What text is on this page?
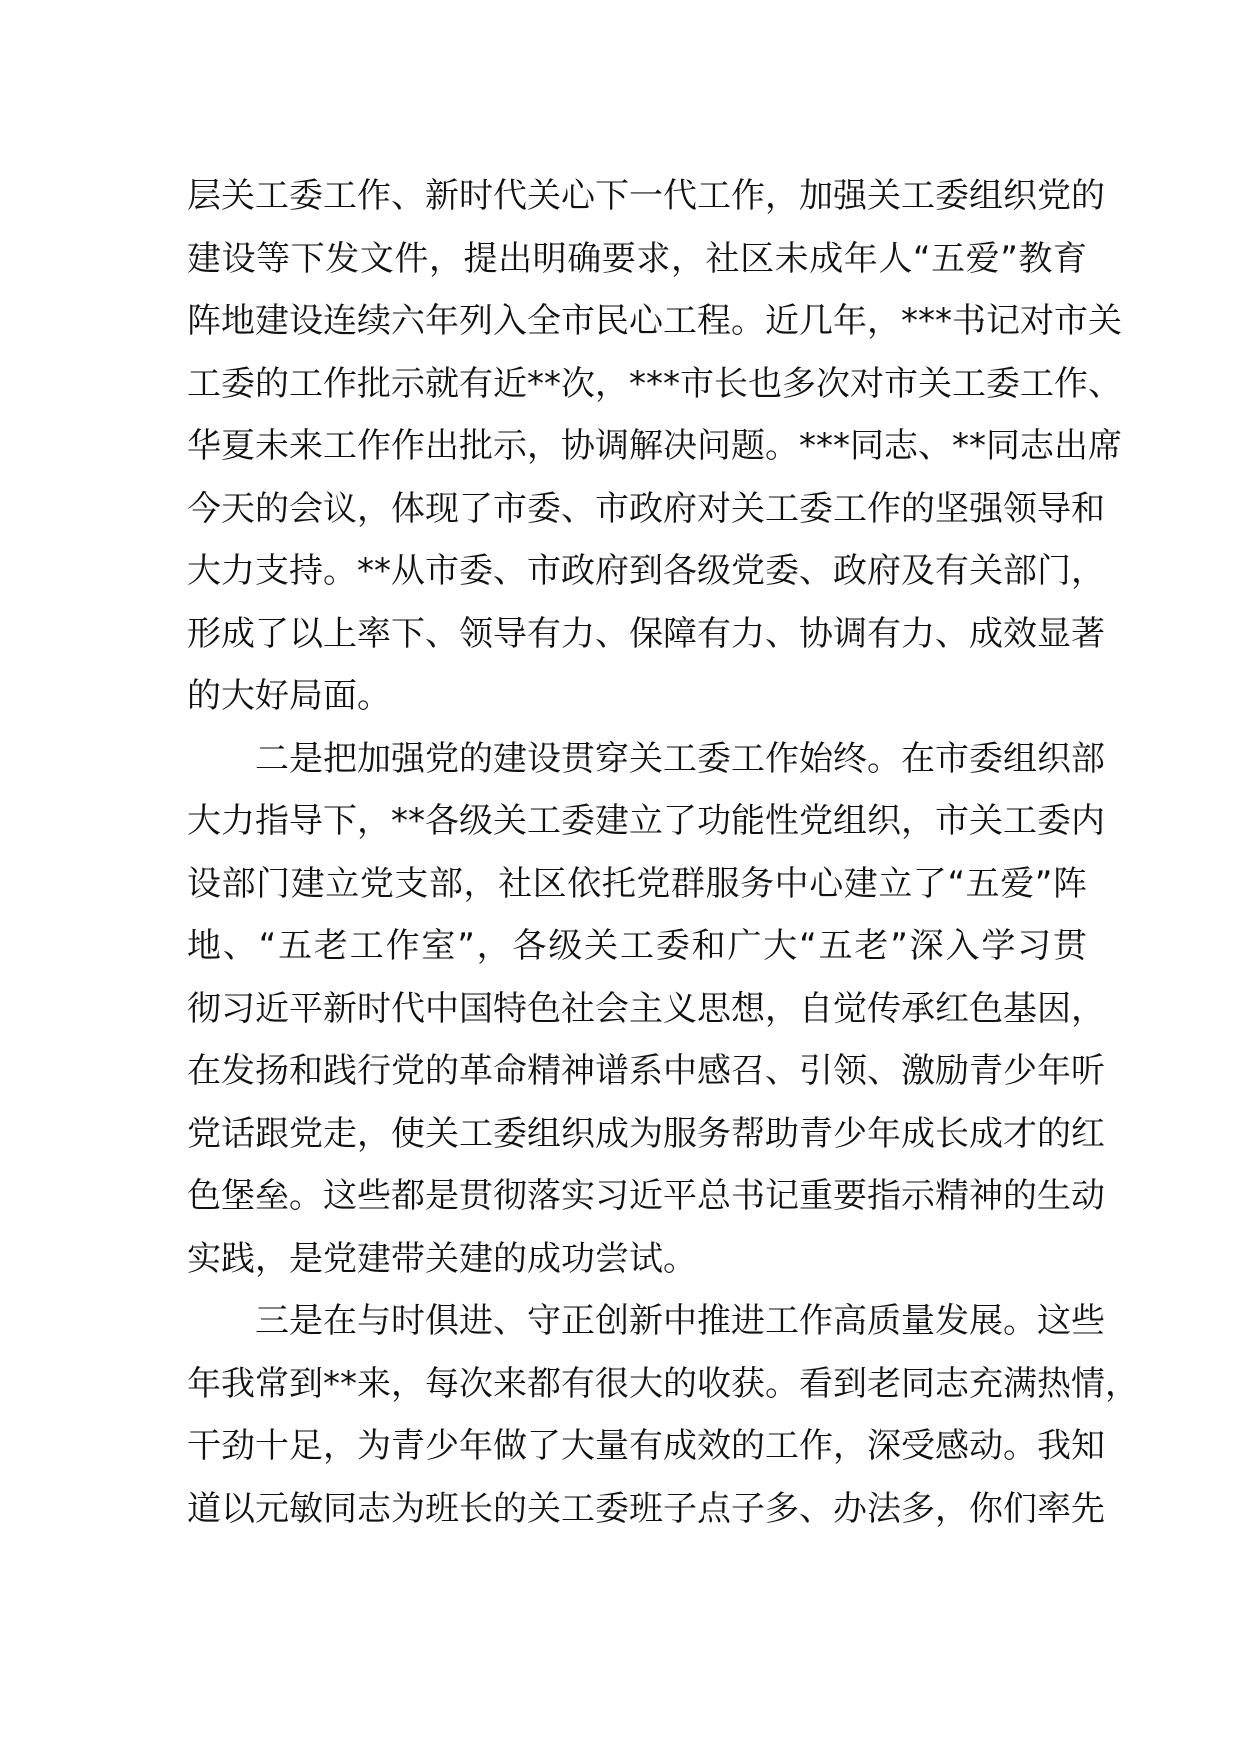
层关工委工作、新时代关心下一代工作，加强关工委组织党的
建设等下发文件，提出明确要求，社区未成年人“五爱”教育
阵地建设连续六年列入全市民心工程。近几年，***书记对市关
工委的工作批示就有近**次，***市长也多次对市关工委工作、
华夏未来工作作出批示，协调解决问题。***同志、**同志出席
今天的会议，体现了市委、市政府对关工委工作的坚强领导和
大力支持。**从市委、市政府到各级党委、政府及有关部门，
形成了以上率下、领导有力、保障有力、协调有力、成效显著
的大好局面。
二是把加强党的建设贯穿关工委工作始终。在市委组织部
大力指导下，**各级关工委建立了功能性党组织，市关工委内
设部门建立党支部，社区依托党群服务中心建立了“五爱”阵
地、“五老工作室”，各级关工委和广大“五老”深入学习贯
彻习近平新时代中国特色社会主义思想，自觉传承红色基因，
在发扬和践行党的革命精神谱系中感召、引领、激励青少年听
党话跟党走，使关工委组织成为服务帮助青少年成长成才的红
色堡垒。这些都是贯彻落实习近平总书记重要指示精神的生动
实践，是党建带关建的成功尝试。
三是在与时俱进、守正创新中推进工作高质量发展。这些
年我常到**来，每次来都有很大的收获。看到老同志充满热情，
干劲十足，为青少年做了大量有成效的工作，深受感动。我知
道以元敏同志为班长的关工委班子点子多、办法多，你们率先
